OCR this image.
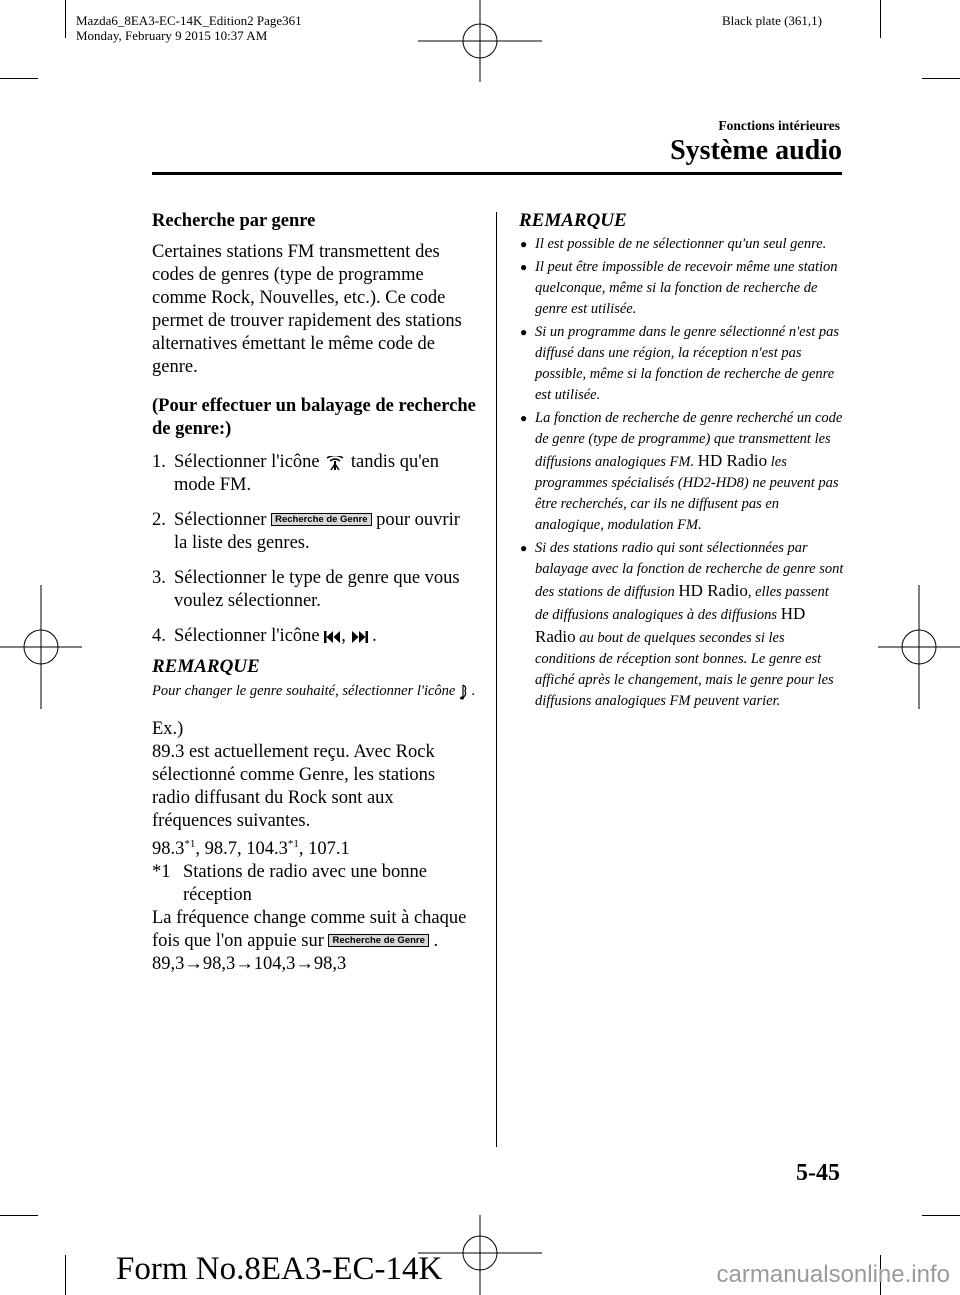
Mazda6_8EA3-EC-14K_Edition2 Page361
Monday, February 9 2015 10:37 AM
Black plate (361,1)
Fonctions intérieures
Système audio
Recherche par genre
Certaines stations FM transmettent des codes de genres (type de programme comme Rock, Nouvelles, etc.). Ce code permet de trouver rapidement des stations alternatives émettant le même code de genre.
(Pour effectuer un balayage de recherche de genre:)
1. Sélectionner l'icône tandis qu'en mode FM.
2. Sélectionner Recherche de Genre pour ouvrir la liste des genres.
3. Sélectionner le type de genre que vous voulez sélectionner.
4. Sélectionner l'icône , .
REMARQUE
Pour changer le genre souhaité, sélectionner l'icône .
Ex.)
89.3 est actuellement reçu. Avec Rock sélectionné comme Genre, les stations radio diffusant du Rock sont aux fréquences suivantes.
98.3$^{*1}$, 98.7, 104.3$^{*1}$, 107.1
*1 Stations de radio avec une bonne réception
La fréquence change comme suit à chaque fois que l'on appuie sur Recherche de Genre .
89,3→98,3→104,3→98,3
REMARQUE
● Il est possible de ne sélectionner qu'un seul genre.
● Il peut être impossible de recevoir même une station quelconque, même si la fonction de recherche de genre est utilisée.
● Si un programme dans le genre sélectionné n'est pas diffusé dans une région, la réception n'est pas possible, même si la fonction de recherche de genre est utilisée.
● La fonction de recherche de genre recherché un code de genre (type de programme) que transmettent les diffusions analogiques FM. HD Radio les programmes spécialisés (HD2-HD8) ne peuvent pas être recherchés, car ils ne diffusent pas en analogique, modulation FM.
● Si des stations radio qui sont sélectionnées par balayage avec la fonction de recherche de genre sont des stations de diffusion HD Radio, elles passent de diffusions analogiques à des diffusions HD Radio au bout de quelques secondes si les conditions de réception sont bonnes. Le genre est affiché après le changement, mais le genre pour les diffusions analogiques FM peuvent varier.
5-45
Form No.8EA3-EC-14K	carmanualsonline.info
